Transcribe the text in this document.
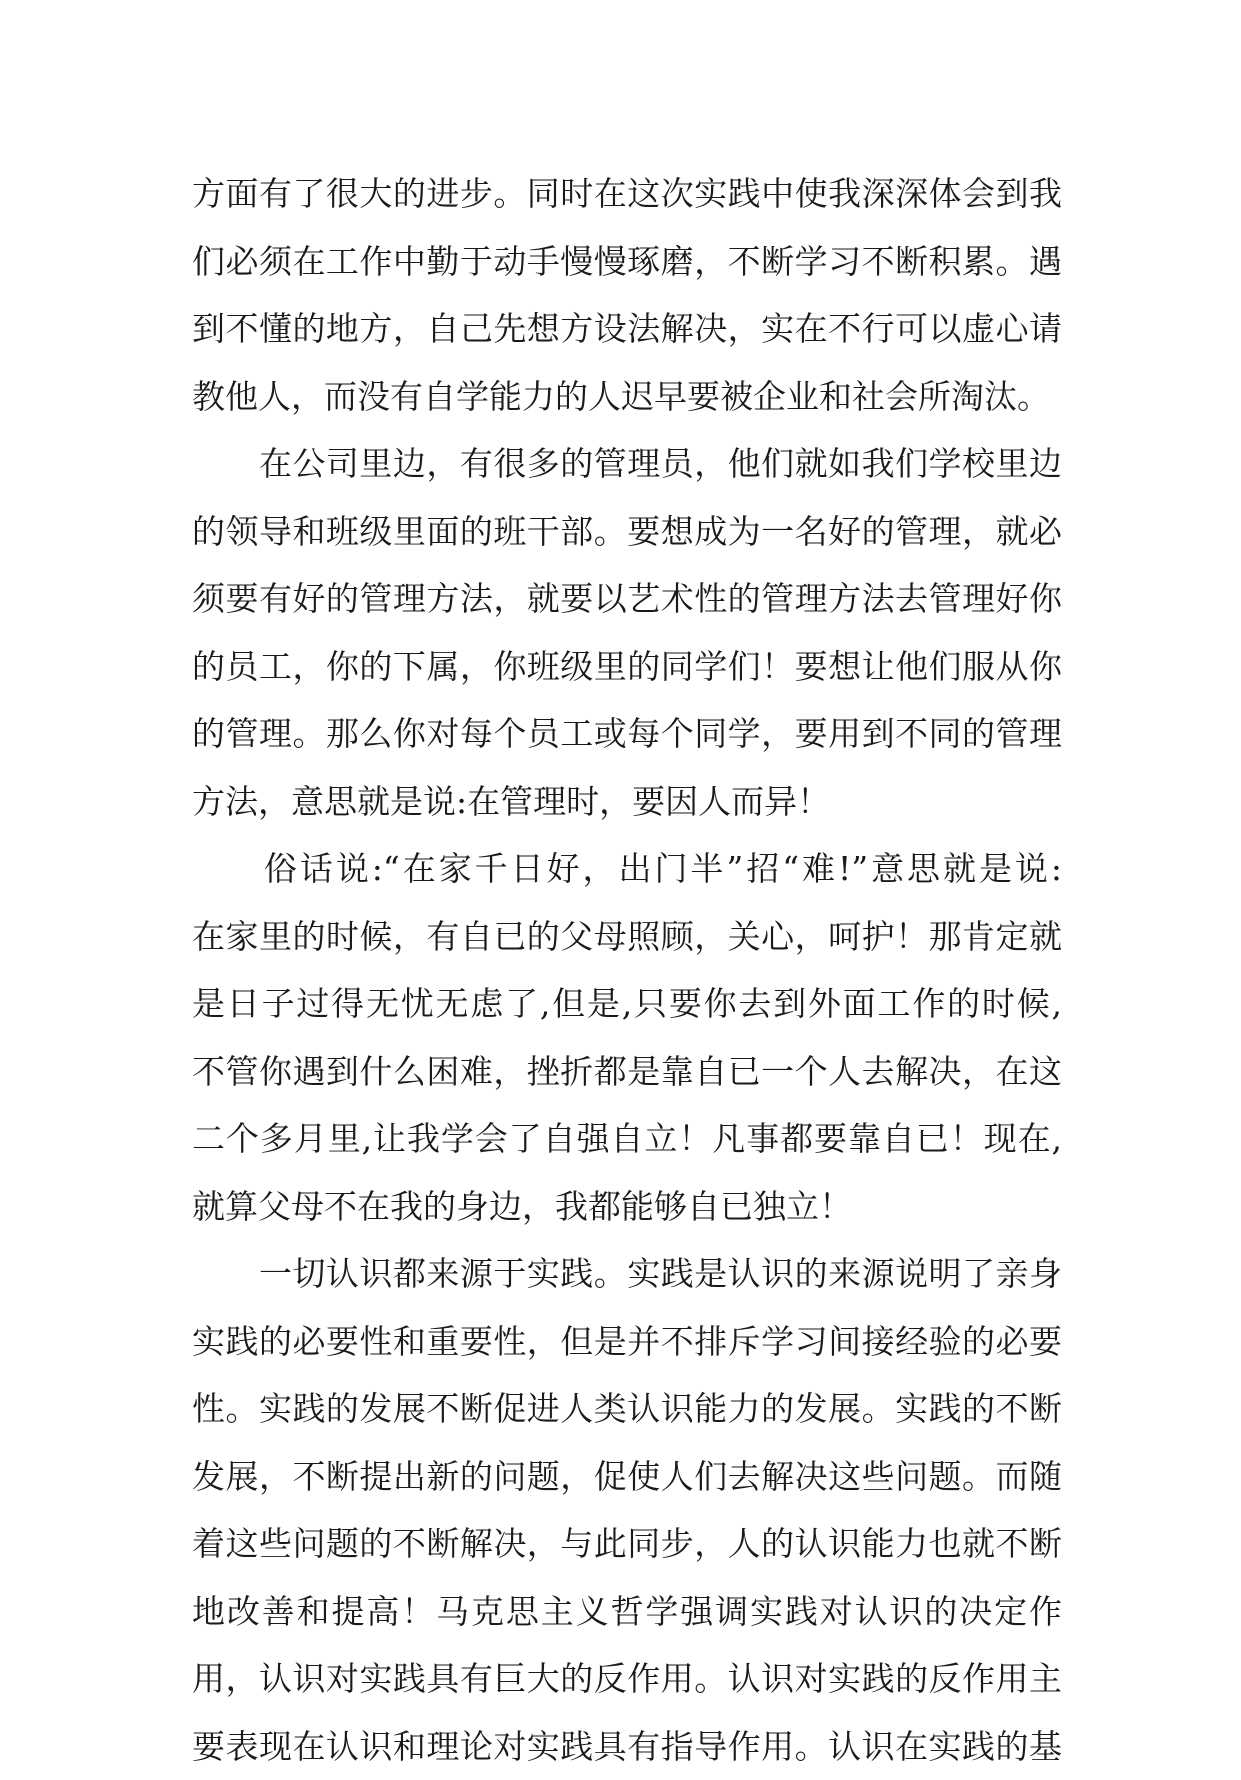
方面有了很大的进步。同时在这次实践中使我深深体会到我
们必须在工作中勤于动手慢慢琢磨，不断学习不断积累。遇
到不懂的地方，自己先想方设法解决，实在不行可以虚心请
教他人，而没有自学能力的人迟早要被企业和社会所淘汰。
　　在公司里边，有很多的管理员，他们就如我们学校里边
的领导和班级里面的班干部。要想成为一名好的管理，就必
须要有好的管理方法，就要以艺术性的管理方法去管理好你
的员工，你的下属，你班级里的同学们！要想让他们服从你
的管理。那么你对每个员工或每个同学，要用到不同的管理
方法，意思就是说:在管理时，要因人而异！
　　俗话说:“在家千日好，出门半”招“难!”意思就是说:
在家里的时候，有自已的父母照顾，关心，呵护！那肯定就
是日子过得无忧无虑了,但是,只要你去到外面工作的时候,
不管你遇到什么困难，挫折都是靠自已一个人去解决，在这
二个多月里,让我学会了自强自立！凡事都要靠自已！现在,
就算父母不在我的身边，我都能够自已独立！
　　一切认识都来源于实践。实践是认识的来源说明了亲身
实践的必要性和重要性，但是并不排斥学习间接经验的必要
性。实践的发展不断促进人类认识能力的发展。实践的不断
发展，不断提出新的问题，促使人们去解决这些问题。而随
着这些问题的不断解决，与此同步，人的认识能力也就不断
地改善和提高！马克思主义哲学强调实践对认识的决定作
用，认识对实践具有巨大的反作用。认识对实践的反作用主
要表现在认识和理论对实践具有指导作用。认识在实践的基
